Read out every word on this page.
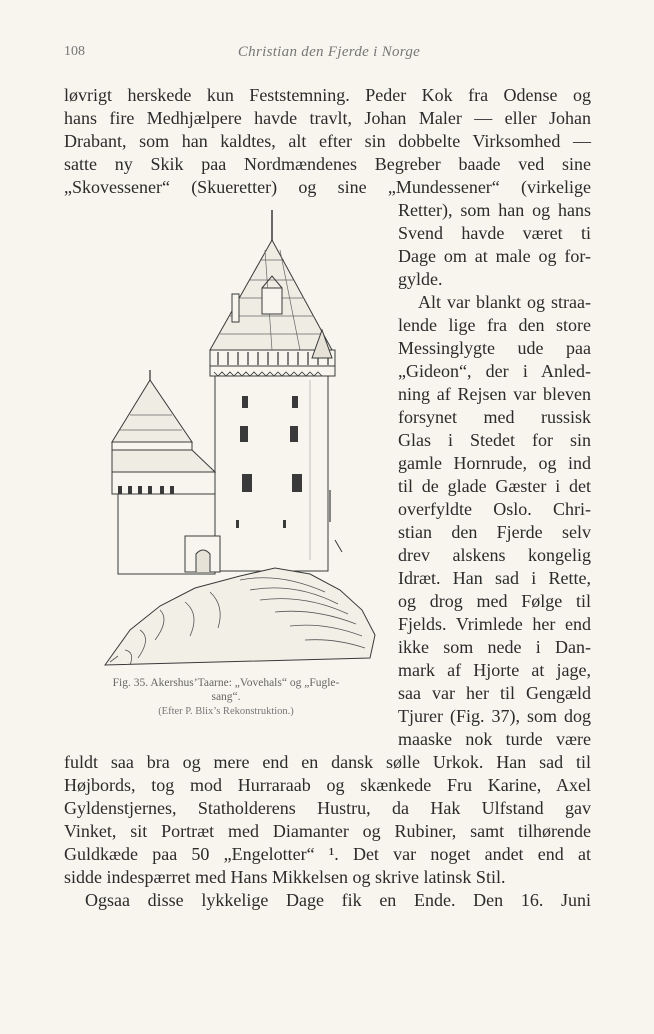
108	Christian den Fjerde i Norge
løvrigt herskede kun Feststemning. Peder Kok fra Odense og
hans fire Medhjælpere havde travlt, Johan Maler — eller Johan
Drabant, som han kaldtes, alt efter sin dobbelte Virksomhed —
satte ny Skik paa Nordmændenes Begreber baade ved sine
„Skovessener“ (Skueretter) og sine „Mundessener“ (virkelige
Retter), som han og hans
Svend havde været ti
Dage om at male og for-
gylde.
Alt var blankt og straa-
lende lige fra den store
Messinglygte ude paa
„Gideon“, der i Anled-
ning af Rejsen var bleven
forsynet med russisk
Glas i Stedet for sin
gamle Hornrude, og ind
til de glade Gæster i det
overfyldte Oslo. Chri-
stian den Fjerde selv
drev alskens kongelig
Idræt. Han sad i Rette,
og drog med Følge til
Fjelds. Vrimlede her end
ikke som nede i Dan-
mark af Hjorte at jage,
saa var her til Gengæld
Tjurer (Fig. 37), som dog
maaske nok turde være
fuldt saa bra og mere end en dansk sølle Urkok. Han sad til
Højbords, tog mod Hurraraab og skænkede Fru Karine, Axel
Gyldenstjernes, Statholderens Hustru, da Hak Ulfstand gav
Vinket, sit Portræt med Diamanter og Rubiner, samt tilhørende
Guldkæde paa 50 „Engelotter“ ¹. Det var noget andet end at
sidde indespærret med Hans Mikkelsen og skrive latinsk Stil.
Ogsaa disse lykkelige Dage fik en Ende. Den 16. Juni
Fig. 35. Akershus’Taarne: „Vovehals“ og „Fugle-
sang“.
(Efter P. Blix’s Rekonstruktion.)
